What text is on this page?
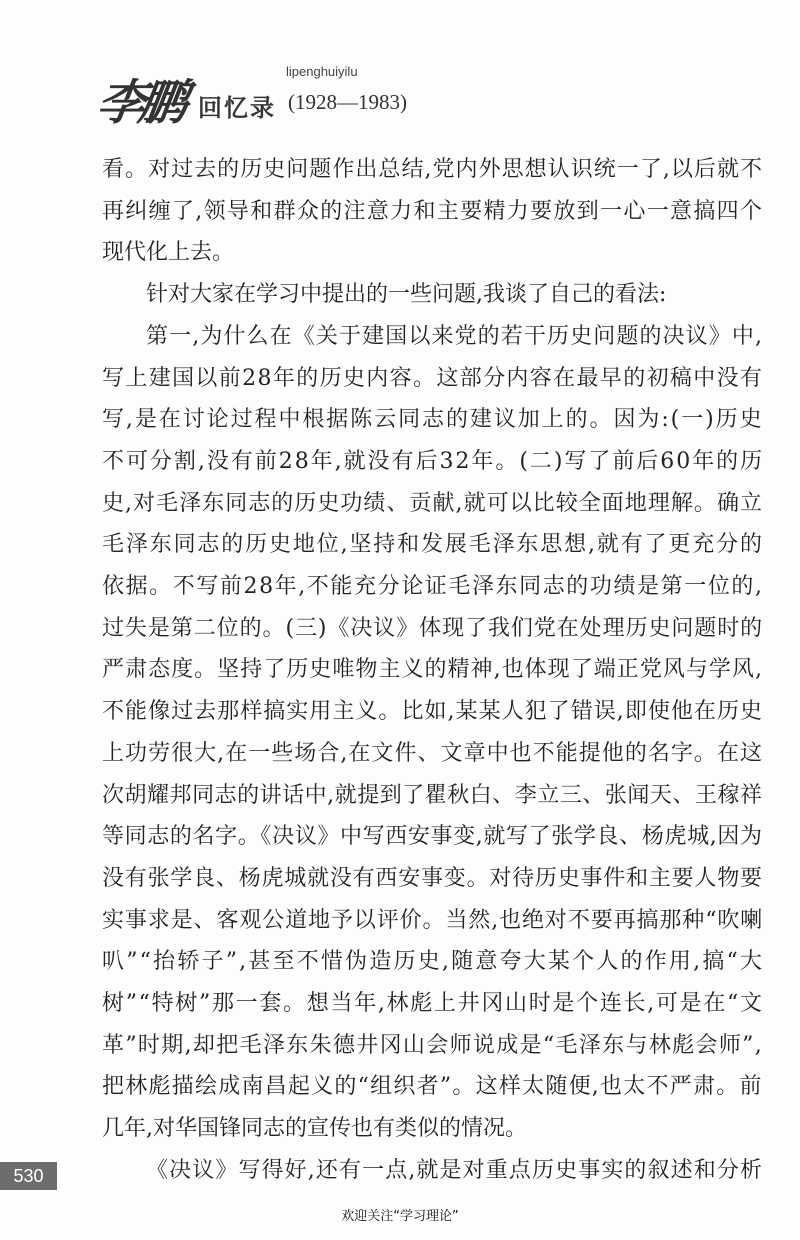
李鹏
lipenghuiyilu
回忆录 (1928—1983)
看。对过去的历史问题作出总结,党内外思想认识统一了,以后就不
再纠缠了,领导和群众的注意力和主要精力要放到一心一意搞四个
现代化上去。
针对大家在学习中提出的一些问题,我谈了自己的看法:
第一,为什么在《关于建国以来党的若干历史问题的决议》中,
写上建国以前28年的历史内容。这部分内容在最早的初稿中没有
写,是在讨论过程中根据陈云同志的建议加上的。因为:(一)历史
不可分割,没有前28年,就没有后32年。(二)写了前后60年的历
史,对毛泽东同志的历史功绩、贡献,就可以比较全面地理解。确立
毛泽东同志的历史地位,坚持和发展毛泽东思想,就有了更充分的
依据。不写前28年,不能充分论证毛泽东同志的功绩是第一位的,
过失是第二位的。(三)《决议》体现了我们党在处理历史问题时的
严肃态度。坚持了历史唯物主义的精神,也体现了端正党风与学风,
不能像过去那样搞实用主义。比如,某某人犯了错误,即使他在历史
上功劳很大,在一些场合,在文件、文章中也不能提他的名字。在这
次胡耀邦同志的讲话中,就提到了瞿秋白、李立三、张闻天、王稼祥
等同志的名字。《决议》中写西安事变,就写了张学良、杨虎城,因为
没有张学良、杨虎城就没有西安事变。对待历史事件和主要人物要
实事求是、客观公道地予以评价。当然,也绝对不要再搞那种“吹喇
叭”“抬轿子”,甚至不惜伪造历史,随意夸大某个人的作用,搞“大
树”“特树”那一套。想当年,林彪上井冈山时是个连长,可是在“文
革”时期,却把毛泽东朱德井冈山会师说成是“毛泽东与林彪会师”,
把林彪描绘成南昌起义的“组织者”。这样太随便,也太不严肃。前
几年,对华国锋同志的宣传也有类似的情况。
《决议》写得好,还有一点,就是对重点历史事实的叙述和分析
530
欢迎关注“学习理论”
